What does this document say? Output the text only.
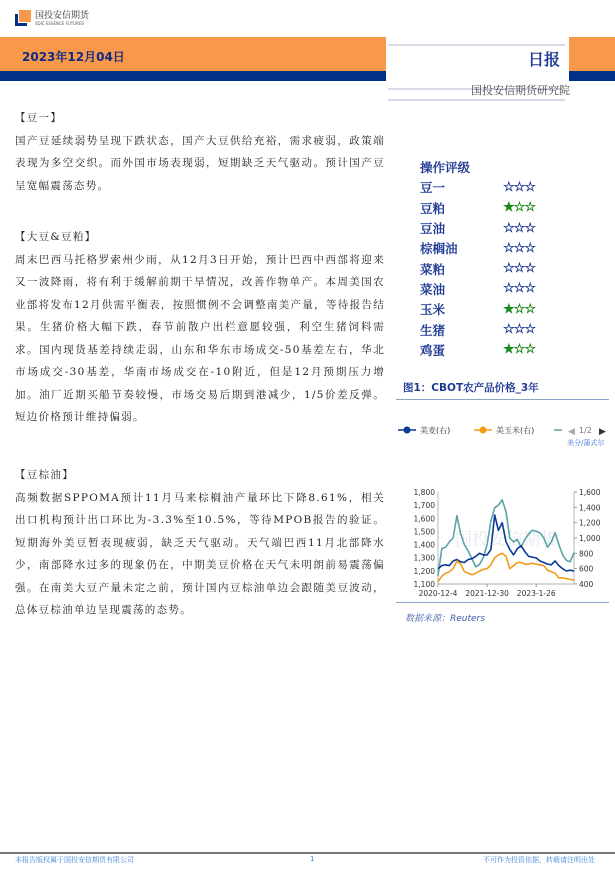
国投安信期货
SDIC ESSENCE FUTURES
2023年12月04日	日报
国投安信期货研究院
【豆一】
国产豆延续弱势呈现下跌状态，国产大豆供给充裕，需求疲弱，政策端表现为多空交织。而外国市场表现弱，短期缺乏天气驱动。预计国产豆呈宽幅震荡态势。
【大豆&豆粕】
周末巴西马托格罗索州少雨，从12月3日开始，预计巴西中西部将迎来又一波降雨，将有利于缓解前期干旱情况，改善作物单产。本周美国农业部将发布12月供需平衡表，按照惯例不会调整南美产量，等待报告结果。生猪价格大幅下跌，春节前散户出栏意愿较强，利空生猪饲料需求。国内现货基差持续走弱，山东和华东市场成交-50基差左右，华北市场成交-30基差，华南市场成交在-10附近，但是12月预期压力增加。油厂近期买船节奏较慢，市场交易后期到港减少，1/5价差反弹。短边价格预计维持偏弱。
【豆棕油】
高频数据SPPOMA预计11月马来棕榈油产量环比下降8.61%，相关出口机构预计出口环比为-3.3%至10.5%，等待MPOB报告的验证。短期海外美豆暂表现疲弱，缺乏天气驱动。天气端巴西11月北部降水少，南部降水过多的现象仍在，中期美豆价格在天气未明朗前易震荡偏强。在南美大豆产量未定之前，预计国内豆棕油单边会跟随美豆波动，总体豆棕油单边呈现震荡的态势。
操作评级
豆一	☆☆☆
豆粕	★☆☆
豆油	☆☆☆
棕榈油	☆☆☆
菜粕	☆☆☆
菜油	☆☆☆
玉米	★☆☆
生猪	☆☆☆
鸡蛋	★☆☆
图1：CBOT农产品价格_3年
国投安信期货
1,100
1,200
1,300
1,400
1,500
1,600
1,700
1,800
400
600
800
1,000
1,200
1,400
1,600
2020-12-4 2021-12-30 2023-1-26
美麦(右)	美玉米(右)	◀ 1/2 ▶
美分/蒲式尔
数据来源：Reuters
本报告版权属于国投安信期货有限公司	1	不可作为投资依据，转载请注明出处
